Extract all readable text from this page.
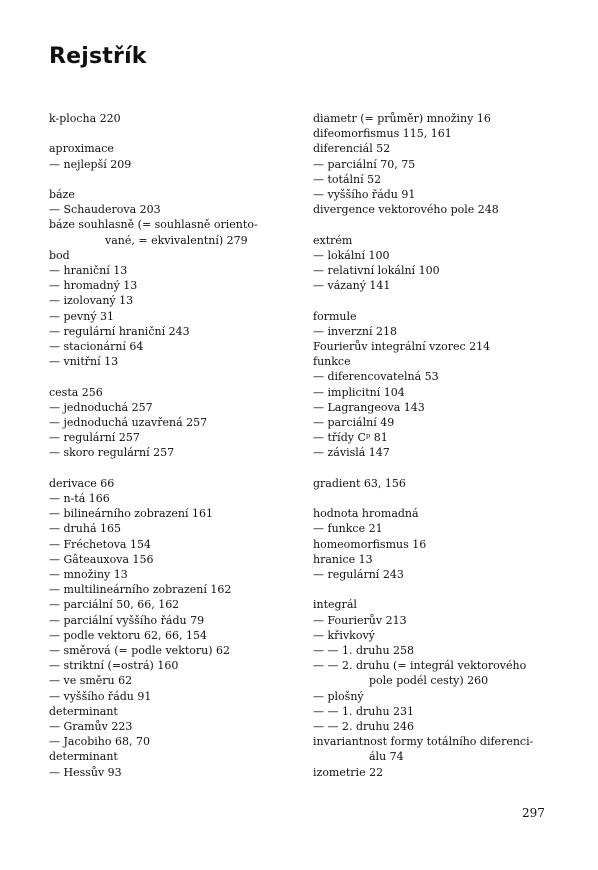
Rejstřík
k-plocha 220
aproximace
— nejlepší 209
báze
— Schauderova 203
báze souhlasně (= souhlasně orientо-
vané, = ekvivalentní) 279
bod
— hraniční 13
— hromadný 13
— izolovaný 13
— pevný 31
— regulární hraniční 243
— stacionární 64
— vnitřní 13
cesta 256
— jednoduchá 257
— jednoduchá uzavřená 257
— regulární 257
— skoro regulární 257
derivace 66
— n-tá 166
— bilineárního zobrazení 161
— druhá 165
— Fréchetova 154
— Gâteauxova 156
— množiny 13
— multilineárního zobrazení 162
— parciální 50, 66, 162
— parciální vyššího řádu 79
— podle vektoru 62, 66, 154
— směrová (= podle vektoru) 62
— striktní (=ostrá) 160
— ve směru 62
— vyššího řádu 91
determinant
— Gramův 223
— Jacobiho 68, 70
determinant
— Hessův 93
diametr (= průměr) množiny 16
difeomorfismus 115, 161
diferenciál 52
— parciální 70, 75
— totální 52
— vyššího řádu 91
divergence vektorového pole 248
extrém
— lokální 100
— relativní lokální 100
— vázaný 141
formule
— inverzní 218
Fourierův integrální vzorec 214
funkce
— diferencovatelná 53
— implicitní 104
— Lagrangeova 143
— parciální 49
— třídy Cᵖ 81
— závislá 147
gradient 63, 156
hodnota hromadná
— funkce 21
homeomorfismus 16
hranice 13
— regulární 243
integrál
— Fourierův 213
— křivkový
— — 1. druhu 258
— — 2. druhu (= integrál vektorového
pole podél cesty) 260
— plošný
— — 1. druhu 231
— — 2. druhu 246
invariantnost formy totálního diferenci-
álu 74
izometrie 22
297
